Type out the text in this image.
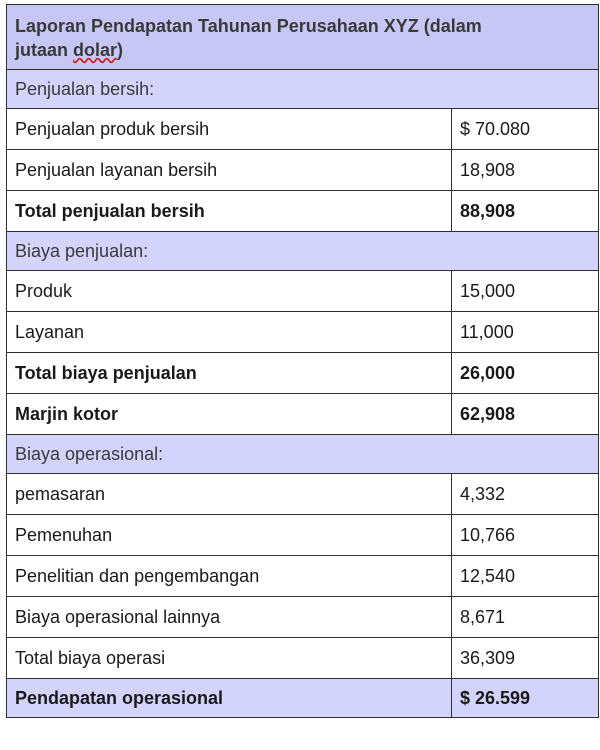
Laporan Pendapatan Tahunan Perusahaan XYZ (dalam
jutaan dolar)	
Penjualan bersih:	
Penjualan produk bersih	$ 70.080
Penjualan layanan bersih	18,908
Total penjualan bersih	88,908
Biaya penjualan:	
Produk	15,000
Layanan	11,000
Total biaya penjualan	26,000
Marjin kotor	62,908
Biaya operasional:	
pemasaran	4,332
Pemenuhan	10,766
Penelitian dan pengembangan	12,540
Biaya operasional lainnya	8,671
Total biaya operasi	36,309
Pendapatan operasional	$ 26.599
